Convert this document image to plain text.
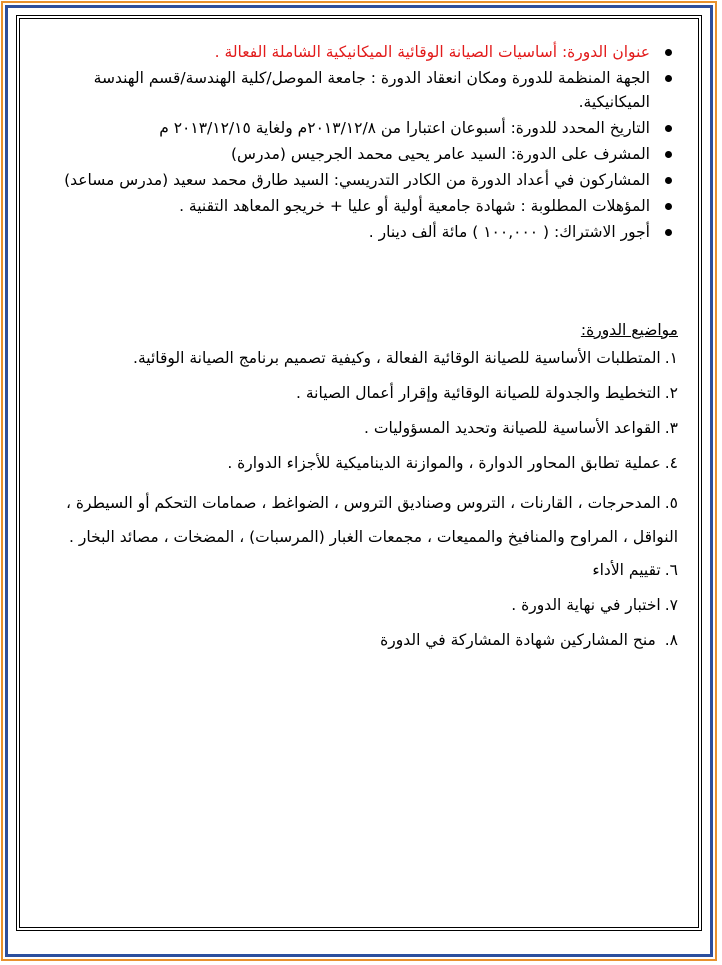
عنوان الدورة: أساسيات الصيانة الوقائية الميكانيكية الشاملة الفعالة .
الجهة المنظمة للدورة ومكان انعقاد الدورة : جامعة الموصل/كلية الهندسة/قسم الهندسة الميكانيكية.
التاريخ المحدد للدورة: أسبوعان اعتبارا من ٢٠١٣/١٢/٨م ولغاية ٢٠١٣/١٢/١٥ م
المشرف على الدورة: السيد عامر يحيى محمد الجرجيس (مدرس)
المشاركون في أعداد الدورة من الكادر التدريسي: السيد طارق محمد سعيد (مدرس مساعد)
المؤهلات المطلوبة : شهادة جامعية أولية أو عليا + خريجو المعاهد التقنية .
أجور الاشتراك: ( ١٠٠,٠٠٠ ) مائة ألف دينار .
مواضيع الدورة:
١.المتطلبات الأساسية للصيانة الوقائية الفعالة ، وكيفية تصميم برنامج الصيانة الوقائية.
٢.التخطيط والجدولة للصيانة الوقائية وإقرار أعمال الصيانة .
٣.القواعد الأساسية للصيانة وتحديد المسؤوليات .
٤.عملية تطابق المحاور الدوارة ، والموازنة الديناميكية للأجزاء الدوارة .
٥.المدحرجات ، القارنات ، التروس وصناديق التروس ، الضواغط ، صمامات التحكم أو السيطرة ، النواقل ، المراوح والمنافيخ والمميعات ، مجمعات الغبار (المرسبات) ، المضخات ، مصائد البخار .
٦.تقييم الأداء
٧.اختبار في نهاية الدورة .
٨. منح المشاركين شهادة المشاركة في الدورة
